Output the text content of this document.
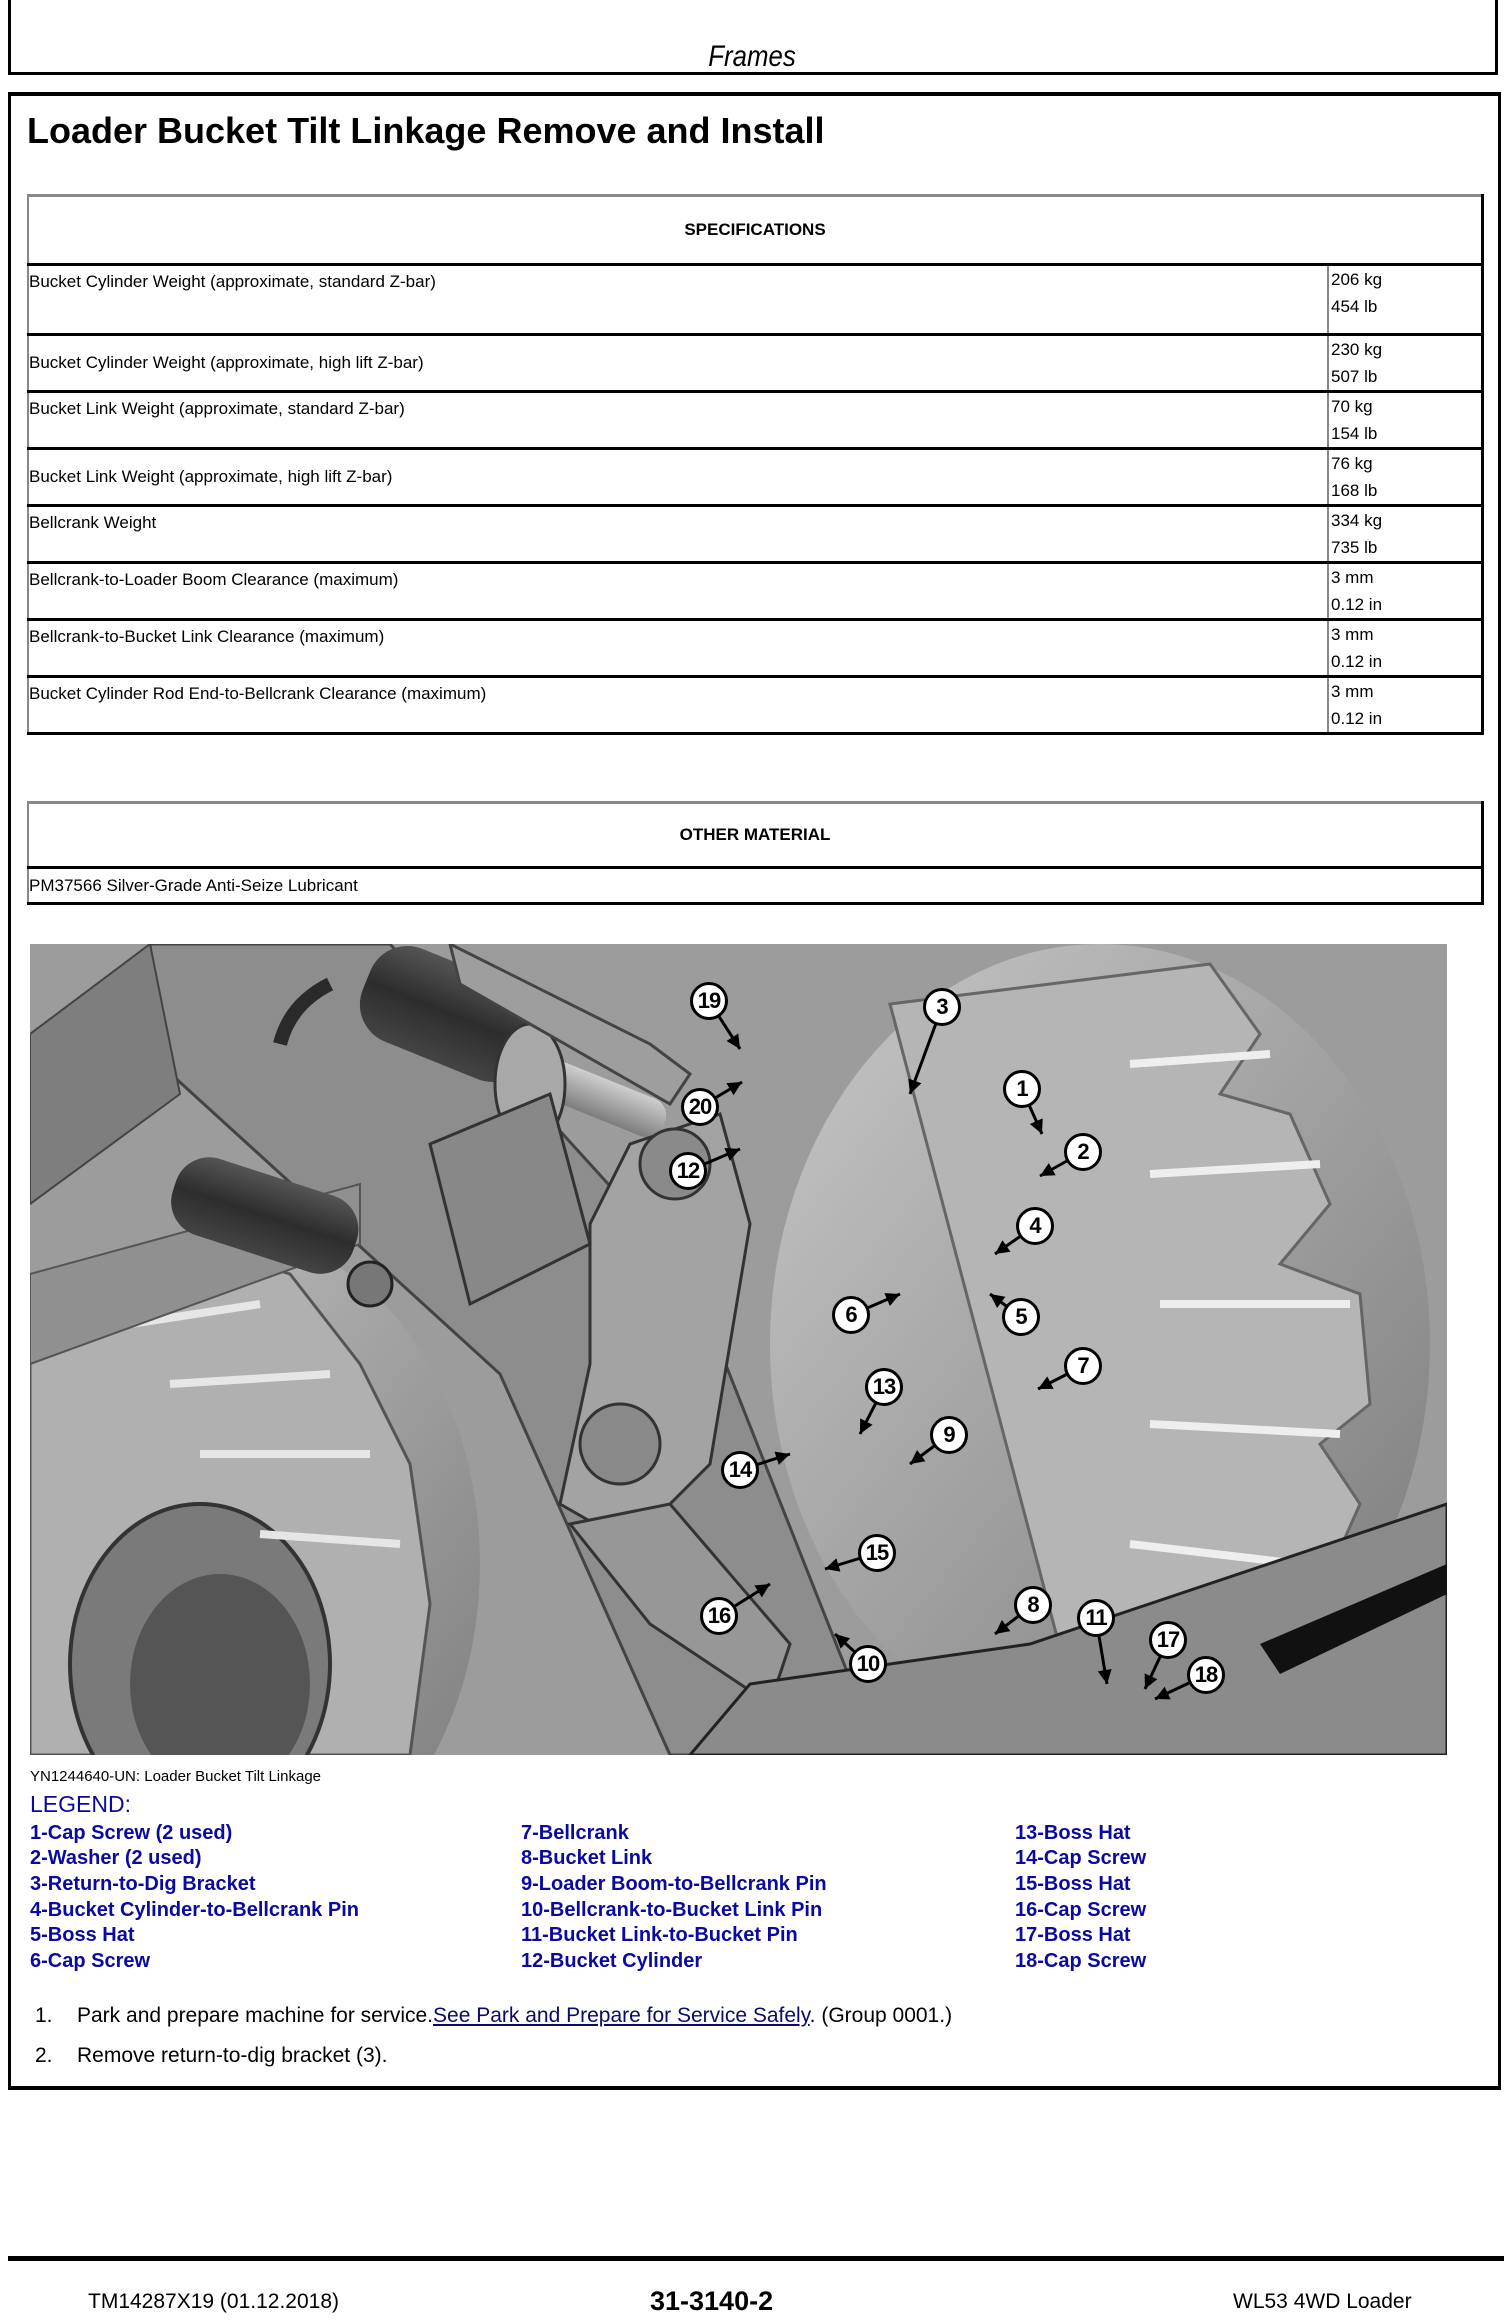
Frames
Loader Bucket Tilt Linkage Remove and Install
SPECIFICATIONS	
Bucket Cylinder Weight (approximate, standard Z-bar)	206 kg
454 lb

Bucket Cylinder Weight (approximate, high lift Z-bar)	230 kg
507 lb

Bucket Link Weight (approximate, standard Z-bar)	70 kg
154 lb

Bucket Link Weight (approximate, high lift Z-bar)	76 kg
168 lb

Bellcrank Weight	334 kg
735 lb

Bellcrank-to-Loader Boom Clearance (maximum)	3 mm
0.12 in

Bellcrank-to-Bucket Link Clearance (maximum)	3 mm
0.12 in

Bucket Cylinder Rod End-to-Bellcrank Clearance (maximum)	3 mm
0.12 in
OTHER MATERIAL
PM37566 Silver-Grade Anti-Seize Lubricant
1
2
3
4
5
6
7
8
9
10
11
12
13
14
15
16
17
18
19
20
YN1244640-UN: Loader Bucket Tilt Linkage
LEGEND:
1-Cap Screw (2 used)
2-Washer (2 used)
3-Return-to-Dig Bracket
4-Bucket Cylinder-to-Bellcrank Pin
5-Boss Hat
6-Cap Screw
7-Bellcrank
8-Bucket Link
9-Loader Boom-to-Bellcrank Pin
10-Bellcrank-to-Bucket Link Pin
11-Bucket Link-to-Bucket Pin
12-Bucket Cylinder
13-Boss Hat
14-Cap Screw
15-Boss Hat
16-Cap Screw
17-Boss Hat
18-Cap Screw
1. Park and prepare machine for service.See Park and Prepare for Service Safely. (Group 0001.)
2. Remove return-to-dig bracket (3).
TM14287X19 (01.12.2018)	31-3140-2	WL53 4WD Loader
